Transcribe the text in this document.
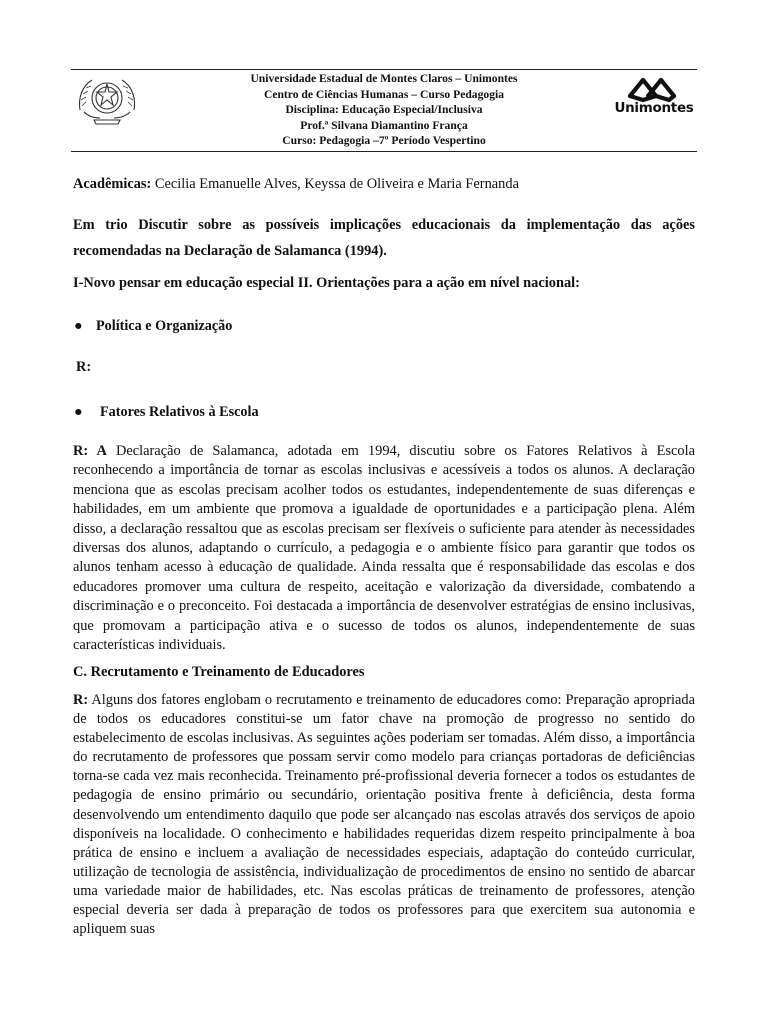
Universidade Estadual de Montes Claros – Unimontes
Centro de Ciências Humanas – Curso Pedagogia
Disciplina: Educação Especial/Inclusiva
Prof.ª Silvana Diamantino França
Curso: Pedagogia –7º Período Vespertino
Unimontes
Acadêmicas: Cecilia Emanuelle Alves, Keyssa de Oliveira e Maria Fernanda
Em trio Discutir sobre as possíveis implicações educacionais da implementação das ações recomendadas na Declaração de Salamanca (1994).
I-Novo pensar em educação especial II. Orientações para a ação em nível nacional:
● Política e Organização
R:
● Fatores Relativos à Escola
R: A Declaração de Salamanca, adotada em 1994, discutiu sobre os Fatores Relativos à Escola reconhecendo a importância de tornar as escolas inclusivas e acessíveis a todos os alunos. A declaração menciona que as escolas precisam acolher todos os estudantes, independentemente de suas diferenças e habilidades, em um ambiente que promova a igualdade de oportunidades e a participação plena. Além disso, a declaração ressaltou que as escolas precisam ser flexíveis o suficiente para atender às necessidades diversas dos alunos, adaptando o currículo, a pedagogia e o ambiente físico para garantir que todos os alunos tenham acesso à educação de qualidade. Ainda ressalta que é responsabilidade das escolas e dos educadores promover uma cultura de respeito, aceitação e valorização da diversidade, combatendo a discriminação e o preconceito. Foi destacada a importância de desenvolver estratégias de ensino inclusivas, que promovam a participação ativa e o sucesso de todos os alunos, independentemente de suas características individuais.
C. Recrutamento e Treinamento de Educadores
R: Alguns dos fatores englobam o recrutamento e treinamento de educadores como: Preparação apropriada de todos os educadores constitui-se um fator chave na promoção de progresso no sentido do estabelecimento de escolas inclusivas. As seguintes ações poderiam ser tomadas. Além disso, a importância do recrutamento de professores que possam servir como modelo para crianças portadoras de deficiências torna-se cada vez mais reconhecida. Treinamento pré-profissional deveria fornecer a todos os estudantes de pedagogia de ensino primário ou secundário, orientação positiva frente à deficiência, desta forma desenvolvendo um entendimento daquilo que pode ser alcançado nas escolas através dos serviços de apoio disponíveis na localidade. O conhecimento e habilidades requeridas dizem respeito principalmente à boa prática de ensino e incluem a avaliação de necessidades especiais, adaptação do conteúdo curricular, utilização de tecnologia de assistência, individualização de procedimentos de ensino no sentido de abarcar uma variedade maior de habilidades, etc. Nas escolas práticas de treinamento de professores, atenção especial deveria ser dada à preparação de todos os professores para que exercitem sua autonomia e apliquem suas
